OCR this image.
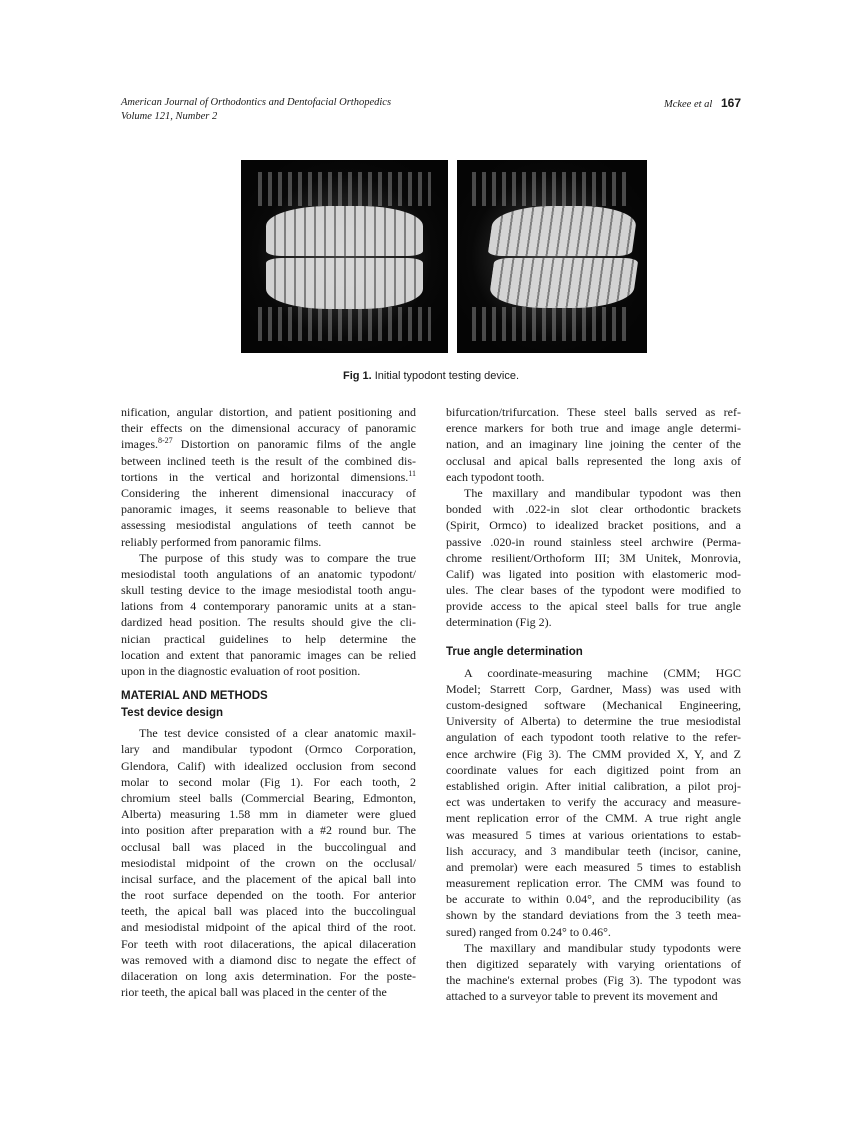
American Journal of Orthodontics and Dentofacial Orthopedics
Volume 121, Number 2
Mckee et al 167
Fig 1. Initial typodont testing device.
nification, angular distortion, and patient positioning and
their effects on the dimensional accuracy of panoramic
images.$^{8-27}$ Distortion on panoramic films of the angle
between inclined teeth is the result of the combined dis-
tortions in the vertical and horizontal dimensions.$^{11}$
Considering the inherent dimensional inaccuracy of
panoramic images, it seems reasonable to believe that
assessing mesiodistal angulations of teeth cannot be
reliably performed from panoramic films.
The purpose of this study was to compare the true
mesiodistal tooth angulations of an anatomic typodont/
skull testing device to the image mesiodistal tooth angu-
lations from 4 contemporary panoramic units at a stan-
dardized head position. The results should give the cli-
nician practical guidelines to help determine the
location and extent that panoramic images can be relied
upon in the diagnostic evaluation of root position.
MATERIAL AND METHODS
Test device design
The test device consisted of a clear anatomic maxil-
lary and mandibular typodont (Ormco Corporation,
Glendora, Calif) with idealized occlusion from second
molar to second molar (Fig 1). For each tooth, 2
chromium steel balls (Commercial Bearing, Edmonton,
Alberta) measuring 1.58 mm in diameter were glued
into position after preparation with a #2 round bur. The
occlusal ball was placed in the buccolingual and
mesiodistal midpoint of the crown on the occlusal/
incisal surface, and the placement of the apical ball into
the root surface depended on the tooth. For anterior
teeth, the apical ball was placed into the buccolingual
and mesiodistal midpoint of the apical third of the root.
For teeth with root dilacerations, the apical dilaceration
was removed with a diamond disc to negate the effect of
dilaceration on long axis determination. For the poste-
rior teeth, the apical ball was placed in the center of the
bifurcation/trifurcation. These steel balls served as ref-
erence markers for both true and image angle determi-
nation, and an imaginary line joining the center of the
occlusal and apical balls represented the long axis of
each typodont tooth.
The maxillary and mandibular typodont was then
bonded with .022-in slot clear orthodontic brackets
(Spirit, Ormco) to idealized bracket positions, and a
passive .020-in round stainless steel archwire (Perma-
chrome resilient/Orthoform III; 3M Unitek, Monrovia,
Calif) was ligated into position with elastomeric mod-
ules. The clear bases of the typodont were modified to
provide access to the apical steel balls for true angle
determination (Fig 2).
True angle determination
A coordinate-measuring machine (CMM; HGC
Model; Starrett Corp, Gardner, Mass) was used with
custom-designed software (Mechanical Engineering,
University of Alberta) to determine the true mesiodistal
angulation of each typodont tooth relative to the refer-
ence archwire (Fig 3). The CMM provided X, Y, and Z
coordinate values for each digitized point from an
established origin. After initial calibration, a pilot proj-
ect was undertaken to verify the accuracy and measure-
ment replication error of the CMM. A true right angle
was measured 5 times at various orientations to estab-
lish accuracy, and 3 mandibular teeth (incisor, canine,
and premolar) were each measured 5 times to establish
measurement replication error. The CMM was found to
be accurate to within 0.04°, and the reproducibility (as
shown by the standard deviations from the 3 teeth mea-
sured) ranged from 0.24° to 0.46°.
The maxillary and mandibular study typodonts were
then digitized separately with varying orientations of
the machine's external probes (Fig 3). The typodont was
attached to a surveyor table to prevent its movement and
